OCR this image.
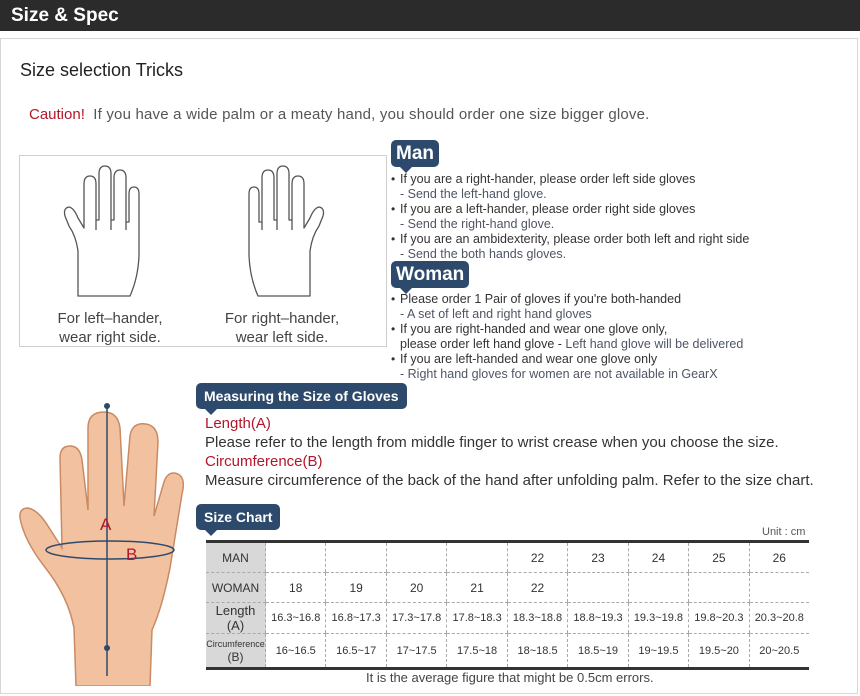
Size & Spec
Size selection Tricks
Caution! If you have a wide palm or a meaty hand, you should order one size bigger glove.
For left–hander,
wear right side.
For right–hander,
wear left side.
Man
• If you are a right-hander, please order left side gloves
- Send the left-hand glove.
• If you are a left-hander, please order right side gloves
- Send the right-hand glove.
• If you are an ambidexterity, please order both left and right side
- Send the both hands gloves.
Woman
• Please order 1 Pair of gloves if you're both-handed
- A set of left and right hand gloves
• If you are right-handed and wear one glove only,
please order left hand glove - Left hand glove will be delivered
• If you are left-handed and wear one glove only
- Right hand gloves for women are not available in GearX
A
B
Measuring the Size of Gloves
Length(A)
Please refer to the length from middle finger to wrist crease when you choose the size.
Circumference(B)
Measure circumference of the back of the hand after unfolding palm. Refer to the size chart.
Size Chart
Unit : cm
MAN					22	23	24	25	26
WOMAN	18	19	20	21	22				
Length (A)	16.3~16.8	16.8~17.3	17.3~17.8	17.8~18.3	18.3~18.8	18.8~19.3	19.3~19.8	19.8~20.3	20.3~20.8

Circumference
(B)	16~16.5	16.5~17	17~17.5	17.5~18	18~18.5	18.5~19	19~19.5	19.5~20	20~20.5
It is the average figure that might be 0.5cm errors.
